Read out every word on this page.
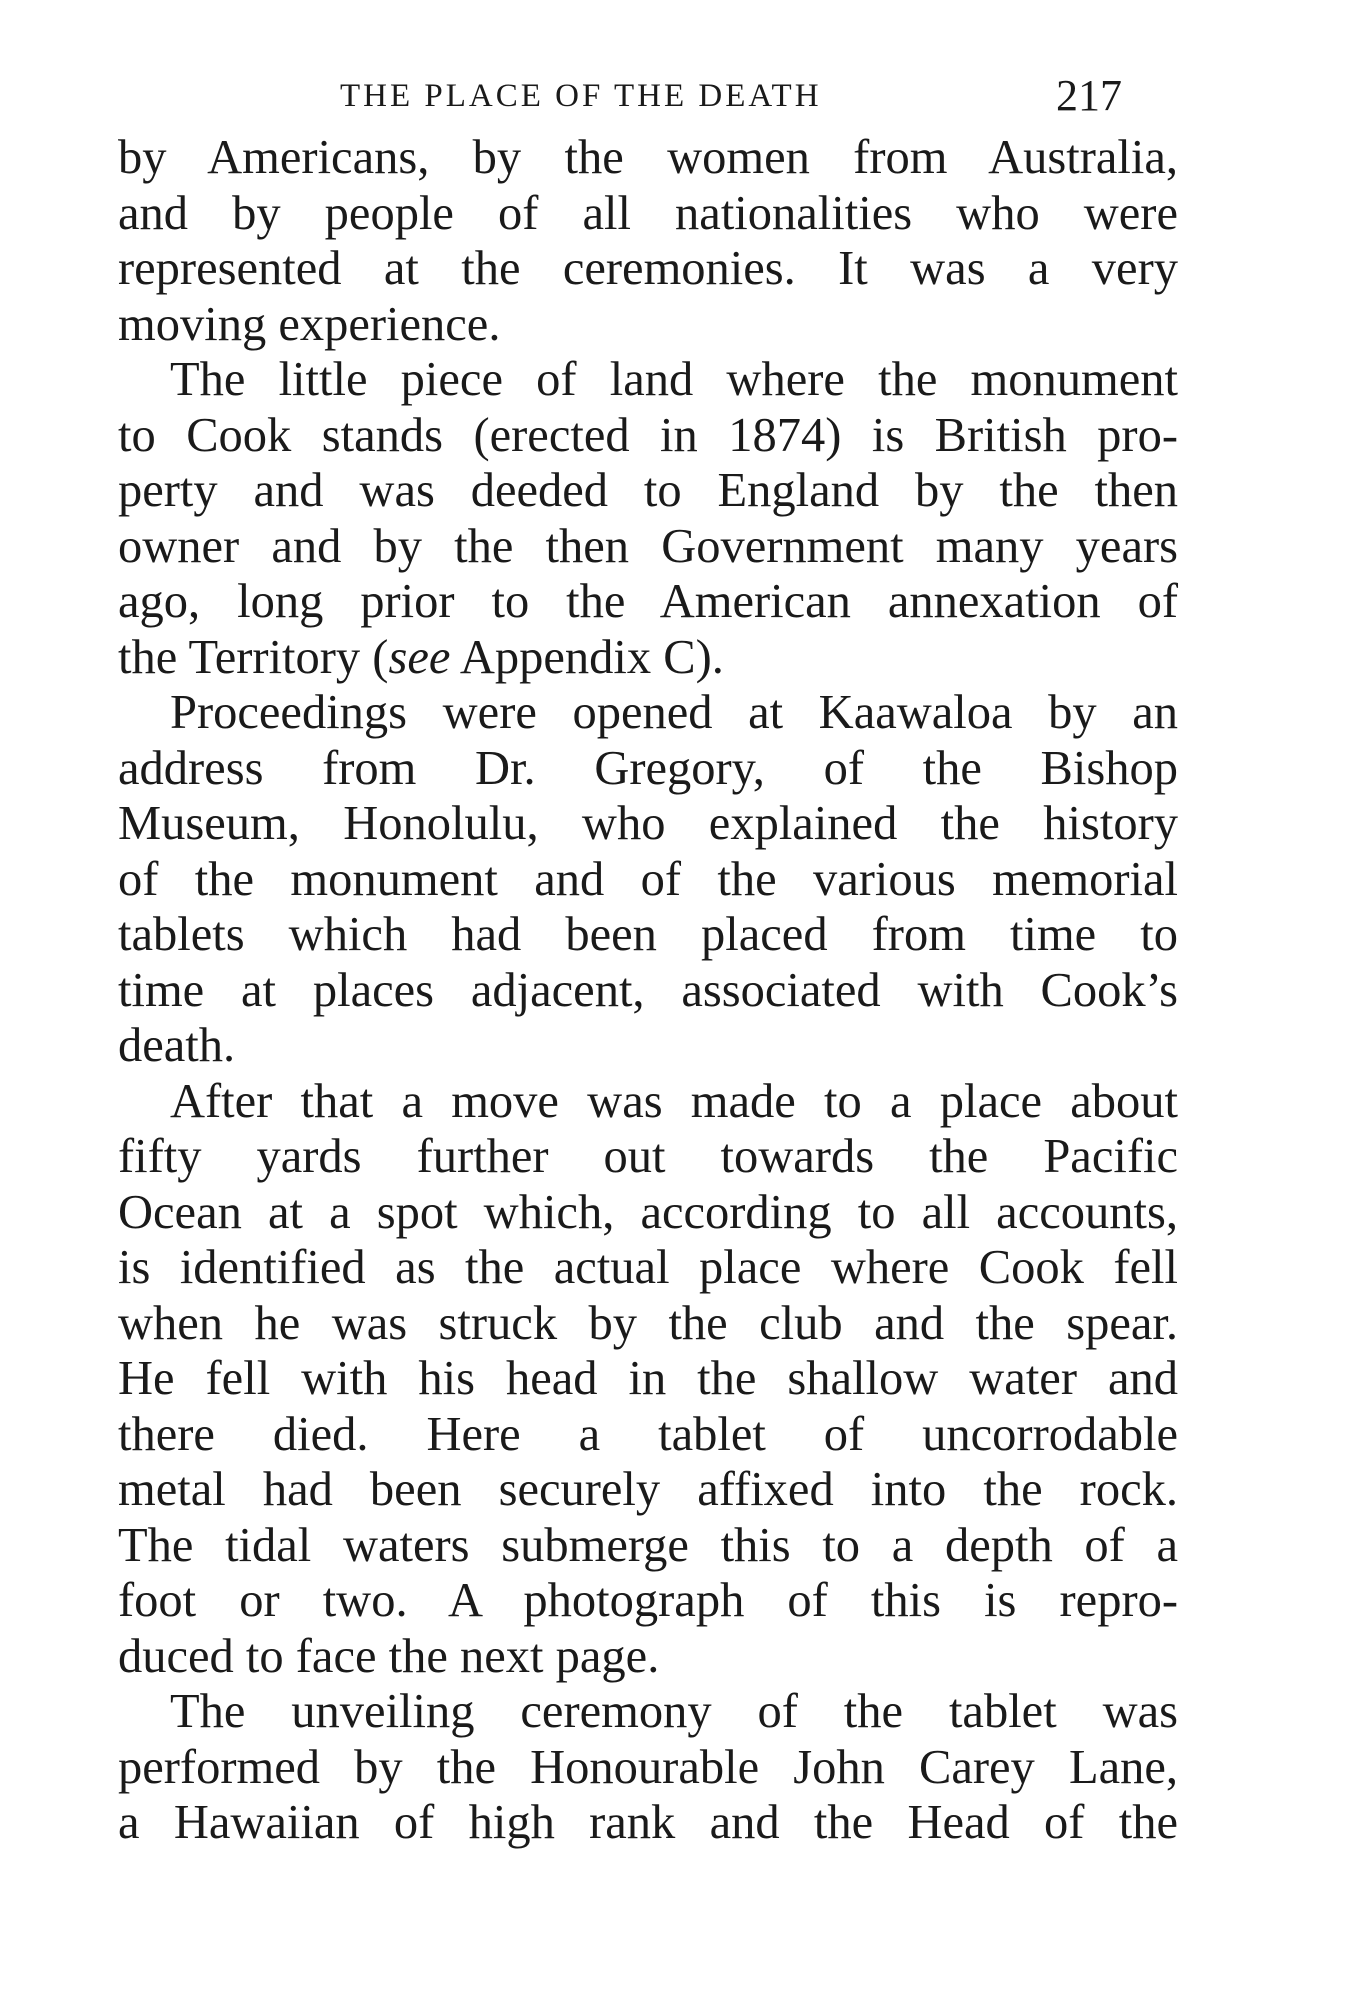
THE PLACE OF THE DEATH	217

by Americans, by the women from Australia,
and by people of all nationalities who were
represented at the ceremonies. It was a very
moving experience.

The little piece of land where the monument
to Cook stands (erected in 1874) is British pro-
perty and was deeded to England by the then
owner and by the then Government many years
ago, long prior to the American annexation of
the Territory (see Appendix C).

Proceedings were opened at Kaawaloa by an
address from Dr. Gregory, of the Bishop
Museum, Honolulu, who explained the history
of the monument and of the various memorial
tablets which had been placed from time to
time at places adjacent, associated with Cook’s
death.

After that a move was made to a place about
fifty yards further out towards the Pacific
Ocean at a spot which, according to all accounts,
is identified as the actual place where Cook fell
when he was struck by the club and the spear.
He fell with his head in the shallow water and
there died. Here a tablet of uncorrodable
metal had been securely affixed into the rock.
The tidal waters submerge this to a depth of a
foot or two. A photograph of this is repro-
duced to face the next page.

The unveiling ceremony of the tablet was
performed by the Honourable John Carey Lane,
a Hawaiian of high rank and the Head of the
